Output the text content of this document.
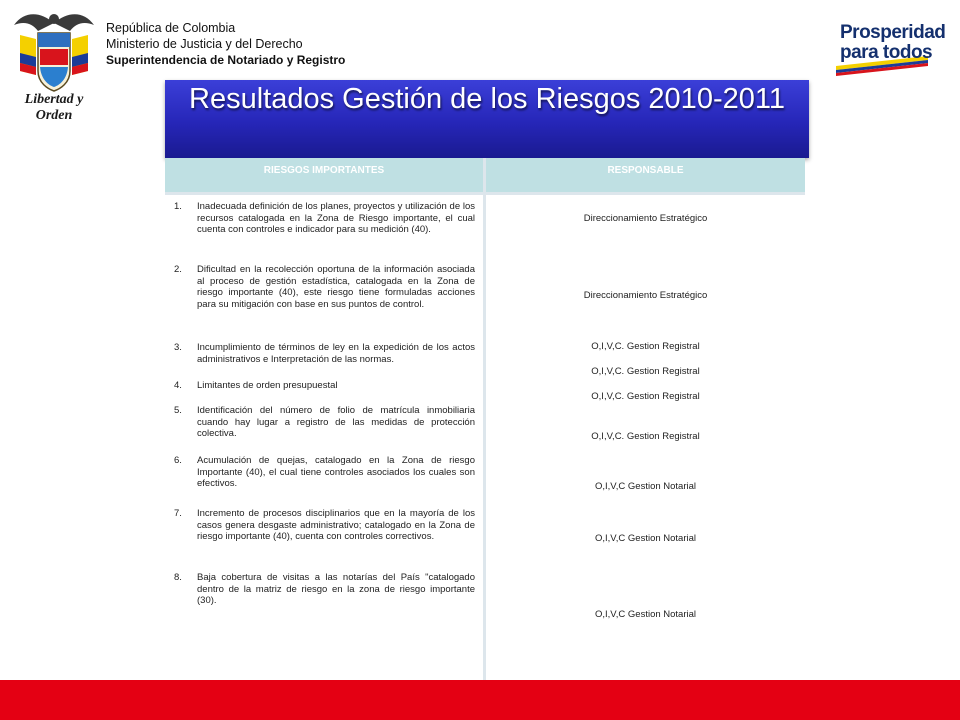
Libertad y Orden
República de Colombia
Ministerio de Justicia y del Derecho
Superintendencia de Notariado y Registro
Prosperidad
para todos
Resultados Gestión de los Riesgos 2010-2011
RIESGOS IMPORTANTES	RESPONSABLE
1. Inadecuada definición de los planes, proyectos y utilización de los recursos catalogada en la Zona de Riesgo importante, el cual cuenta con controles e indicador para su medición (40).
2. Dificultad en la recolección oportuna de la información asociada al proceso de gestión estadística, catalogada en la Zona de riesgo importante (40), este riesgo tiene formuladas acciones para su mitigación con base en sus puntos de control.
3. Incumplimiento de términos de ley en la expedición de los actos administrativos e Interpretación de las normas.
4. Limitantes de orden presupuestal
5. Identificación del número de folio de matrícula inmobiliaria cuando hay lugar a registro de las medidas de protección colectiva.
6. Acumulación de quejas, catalogado en la Zona de riesgo Importante (40), el cual tiene controles asociados los cuales son efectivos.
7. Incremento de procesos disciplinarios que en la mayoría de los casos genera desgaste administrativo; catalogado en la Zona de riesgo importante (40), cuenta con controles correctivos.
8. Baja cobertura de visitas a las notarías del País "catalogado dentro de la matriz de riesgo en la zona de riesgo importante (30).
Direccionamiento Estratégico
Direccionamiento Estratégico
O,I,V,C. Gestion Registral
O,I,V,C. Gestion Registral
O,I,V,C. Gestion Registral
O,I,V,C. Gestion Registral
O,I,V,C Gestion Notarial
O,I,V,C Gestion Notarial
O,I,V,C Gestion Notarial
